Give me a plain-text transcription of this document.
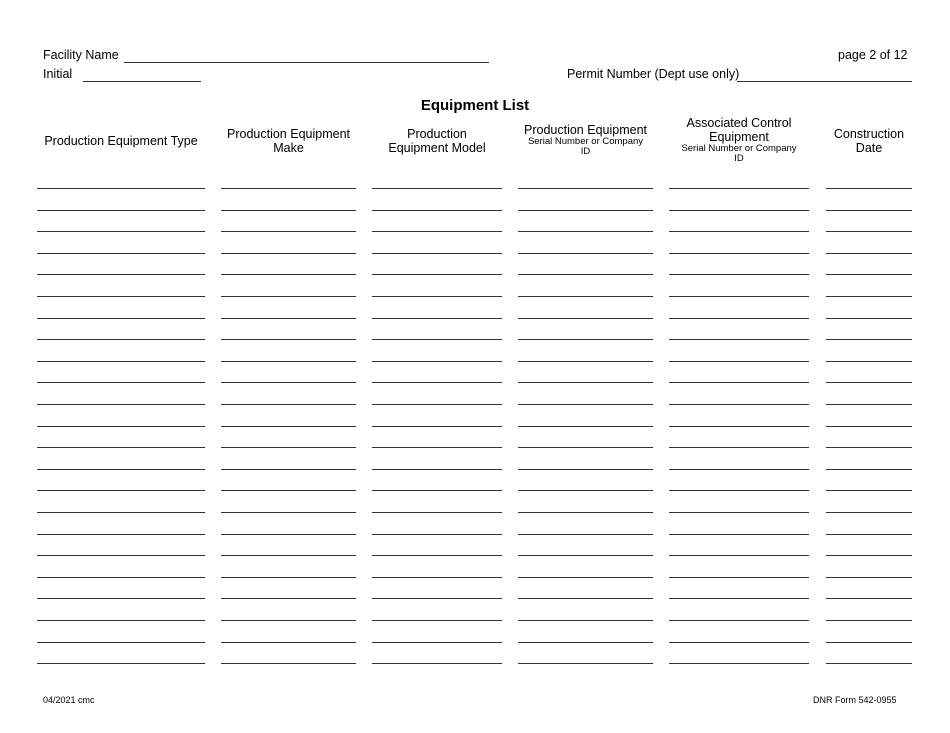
Facility Name
Initial
page 2 of 12
Permit Number (Dept use only)
Equipment List
Production Equipment Type	Production Equipment
Make
Production
Equipment Model
Production Equipment
Serial Number or Company
ID
Associated Control
Equipment
Serial Number or Company
ID
Construction
Date
04/2021 cmc	DNR Form 542-0955
